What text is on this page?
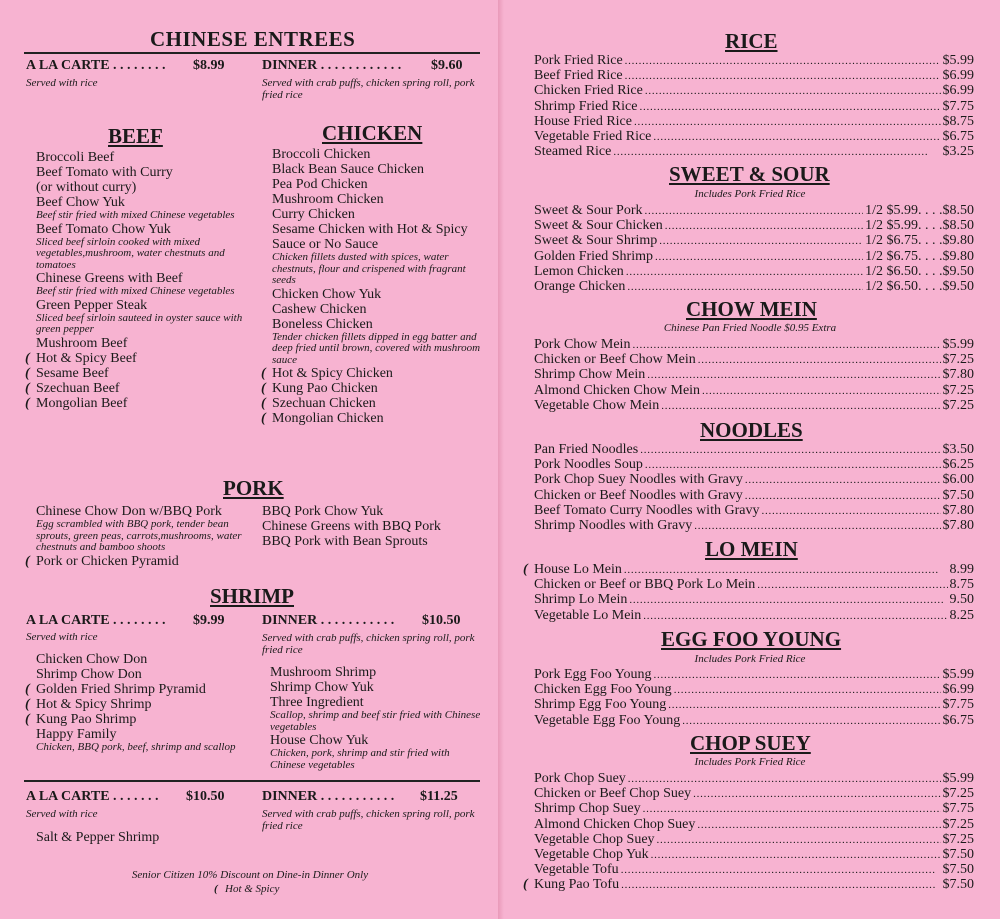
CHINESE ENTREES
A LA CARTE . . . . . . . . $8.99
Served with rice
DINNER . . . . . . . . . . . . $9.60
Served with crab puffs, chicken spring roll, pork fried rice
BEEF
Broccoli Beef
Beef Tomato with Curry
(or without curry)
Beef Chow Yuk
Beef stir fried with mixed Chinese vegetables
Beef Tomato Chow Yuk
Sliced beef sirloin cooked with mixed vegetables,mushroom, water chestnuts and tomatoes
Chinese Greens with Beef
Beef stir fried with mixed Chinese vegetables
Green Pepper Steak
Sliced beef sirloin sauteed in oyster sauce with green pepper
Mushroom Beef
Hot & Spicy Beef
Sesame Beef
Szechuan Beef
Mongolian Beef
CHICKEN
Broccoli Chicken
Black Bean Sauce Chicken
Pea Pod Chicken
Mushroom Chicken
Curry Chicken
Sesame Chicken with Hot & Spicy
Sauce or No Sauce
Chicken fillets dusted with spices, water chestnuts, flour and crispened with fragrant seeds
Chicken Chow Yuk
Cashew Chicken
Boneless Chicken
Tender chicken fillets dipped in egg batter and deep fried until brown, covered with mushroom sauce
Hot & Spicy Chicken
Kung Pao Chicken
Szechuan Chicken
Mongolian Chicken
PORK
Chinese Chow Don w/BBQ Pork
Egg scrambled with BBQ pork, tender bean sprouts, green peas, carrots,mushrooms, water chestnuts and bamboo shoots
Pork or Chicken Pyramid
BBQ Pork Chow Yuk
Chinese Greens with BBQ Pork
BBQ Pork with Bean Sprouts
SHRIMP
A LA CARTE . . . . . . . . $9.99
Served with rice
DINNER . . . . . . . . . . . $10.50
Served with crab puffs, chicken spring roll, pork fried rice
Chicken Chow Don
Shrimp Chow Don
Golden Fried Shrimp Pyramid
Hot & Spicy Shrimp
Kung Pao Shrimp
Happy Family
Chicken, BBQ pork, beef, shrimp and scallop
Mushroom Shrimp
Shrimp Chow Yuk
Three Ingredient
Scallop, shrimp and beef stir fried with Chinese vegetables
House Chow Yuk
Chicken, pork, shrimp and stir fried with Chinese vegetables
A LA CARTE . . . . . . . $10.50
Served with rice
DINNER . . . . . . . . . . . $11.25
Served with crab puffs, chicken spring roll, pork fried rice
Salt & Pepper Shrimp
Senior Citizen 10% Discount on Dine-in Dinner Only
Hot & Spicy
RICE
Pork Fried Rice . . .	$5.99
Beef Fried Rice . . .	$6.99
Chicken Fried Rice . . .	$6.99
Shrimp Fried Rice . . .	$7.75
House Fried Rice . . .	$8.75
Vegetable Fried Rice . . .	$6.75
Steamed Rice . . .	$3.25
SWEET & SOUR
Includes Pork Fried Rice
Sweet & Sour Pork . . .	1/2 $5.99. . . . $8.50
Sweet & Sour Chicken . . .	1/2 $5.99. . . . $8.50
Sweet & Sour Shrimp . . .	1/2 $6.75. . . . $9.80
Golden Fried Shrimp . . .	1/2 $6.75. . . . $9.80
Lemon Chicken . . .	1/2 $6.50. . . . $9.50
Orange Chicken . . .	1/2 $6.50. . . . $9.50
CHOW MEIN
Chinese Pan Fried Noodle $0.95 Extra
Pork Chow Mein . . .	$5.99
Chicken or Beef Chow Mein . . .	$7.25
Shrimp Chow Mein . . .	$7.80
Almond Chicken Chow Mein . . .	$7.25
Vegetable Chow Mein . . .	$7.25
NOODLES
Pan Fried Noodles . . .	$3.50
Pork Noodles Soup . . .	$6.25
Pork Chop Suey Noodles with Gravy . . .	$6.00
Chicken or Beef Noodles with Gravy . . .	$7.50
Beef Tomato Curry Noodles with Gravy . . .	$7.80
Shrimp Noodles with Gravy . . .	$7.80
LO MEIN
House Lo Mein . . .	8.99
Chicken or Beef or BBQ Pork Lo Mein . . .	8.75
Shrimp Lo Mein . . .	9.50
Vegetable Lo Mein . . .	8.25
EGG FOO YOUNG
Includes Pork Fried Rice
Pork Egg Foo Young . . .	$5.99
Chicken Egg Foo Young . . .	$6.99
Shrimp Egg Foo Young . . .	$7.75
Vegetable Egg Foo Young . . .	$6.75
CHOP SUEY
Includes Pork Fried Rice
Pork Chop Suey . . .	$5.99
Chicken or Beef Chop Suey . . .	$7.25
Shrimp Chop Suey . . .	$7.75
Almond Chicken Chop Suey . . .	$7.25
Vegetable Chop Suey . . .	$7.25
Vegetable Chop Yuk . . .	$7.50
Vegetable Tofu . . .	$7.50
Kung Pao Tofu . . .	$7.50
